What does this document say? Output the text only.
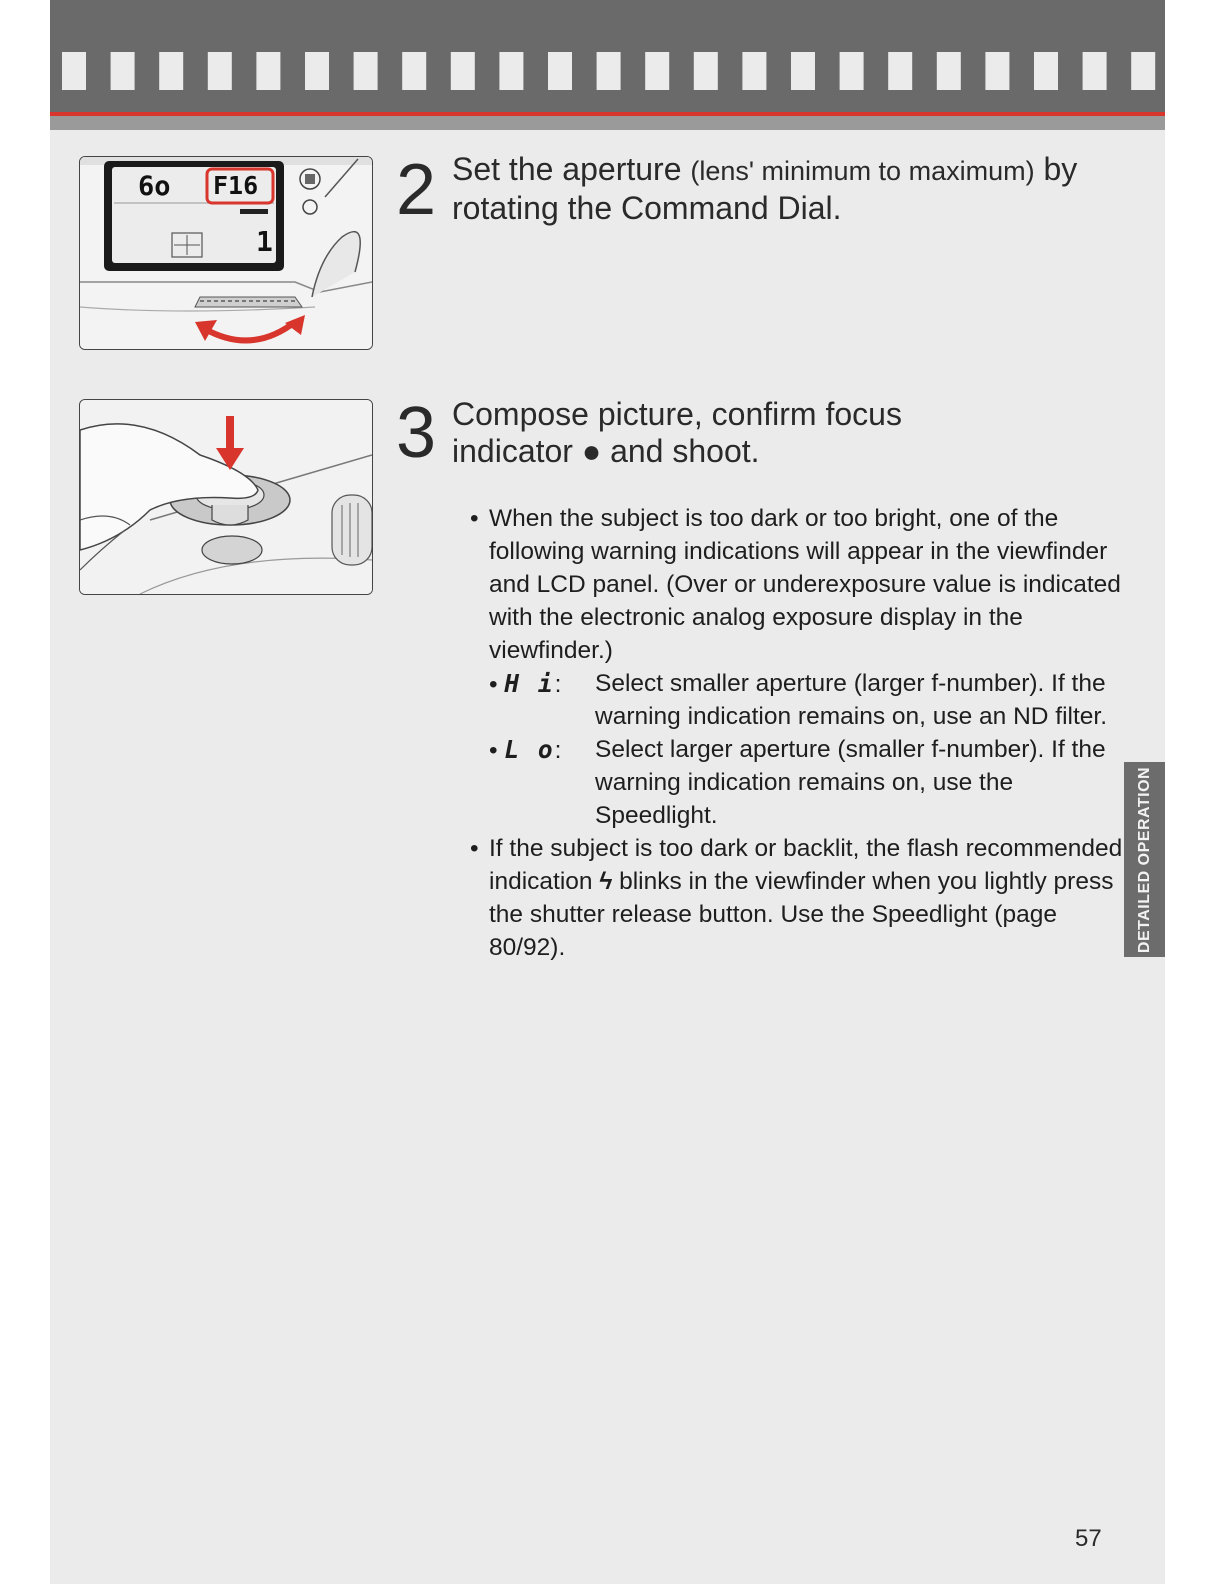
6o F16
1
2 Set the aperture (lens' minimum to maximum) by rotating the Command Dial.
3 Compose picture, confirm focus indicator ● and shoot.
• When the subject is too dark or too bright, one of the following warning indications will appear in the viewfinder and LCD panel. (Over or underexposure value is indicated with the electronic analog exposure display in the viewfinder.)
• H i:	Select smaller aperture (larger f-number). If the warning indication remains on, use an ND filter.
• L o:	Select larger aperture (smaller f-number). If the warning indication remains on, use the Speedlight.
• If the subject is too dark or backlit, the flash recommended indication ϟ blinks in the viewfinder when you lightly press the shutter release button. Use the Speedlight (page 80/92).	DETAILED OPERATION
57
